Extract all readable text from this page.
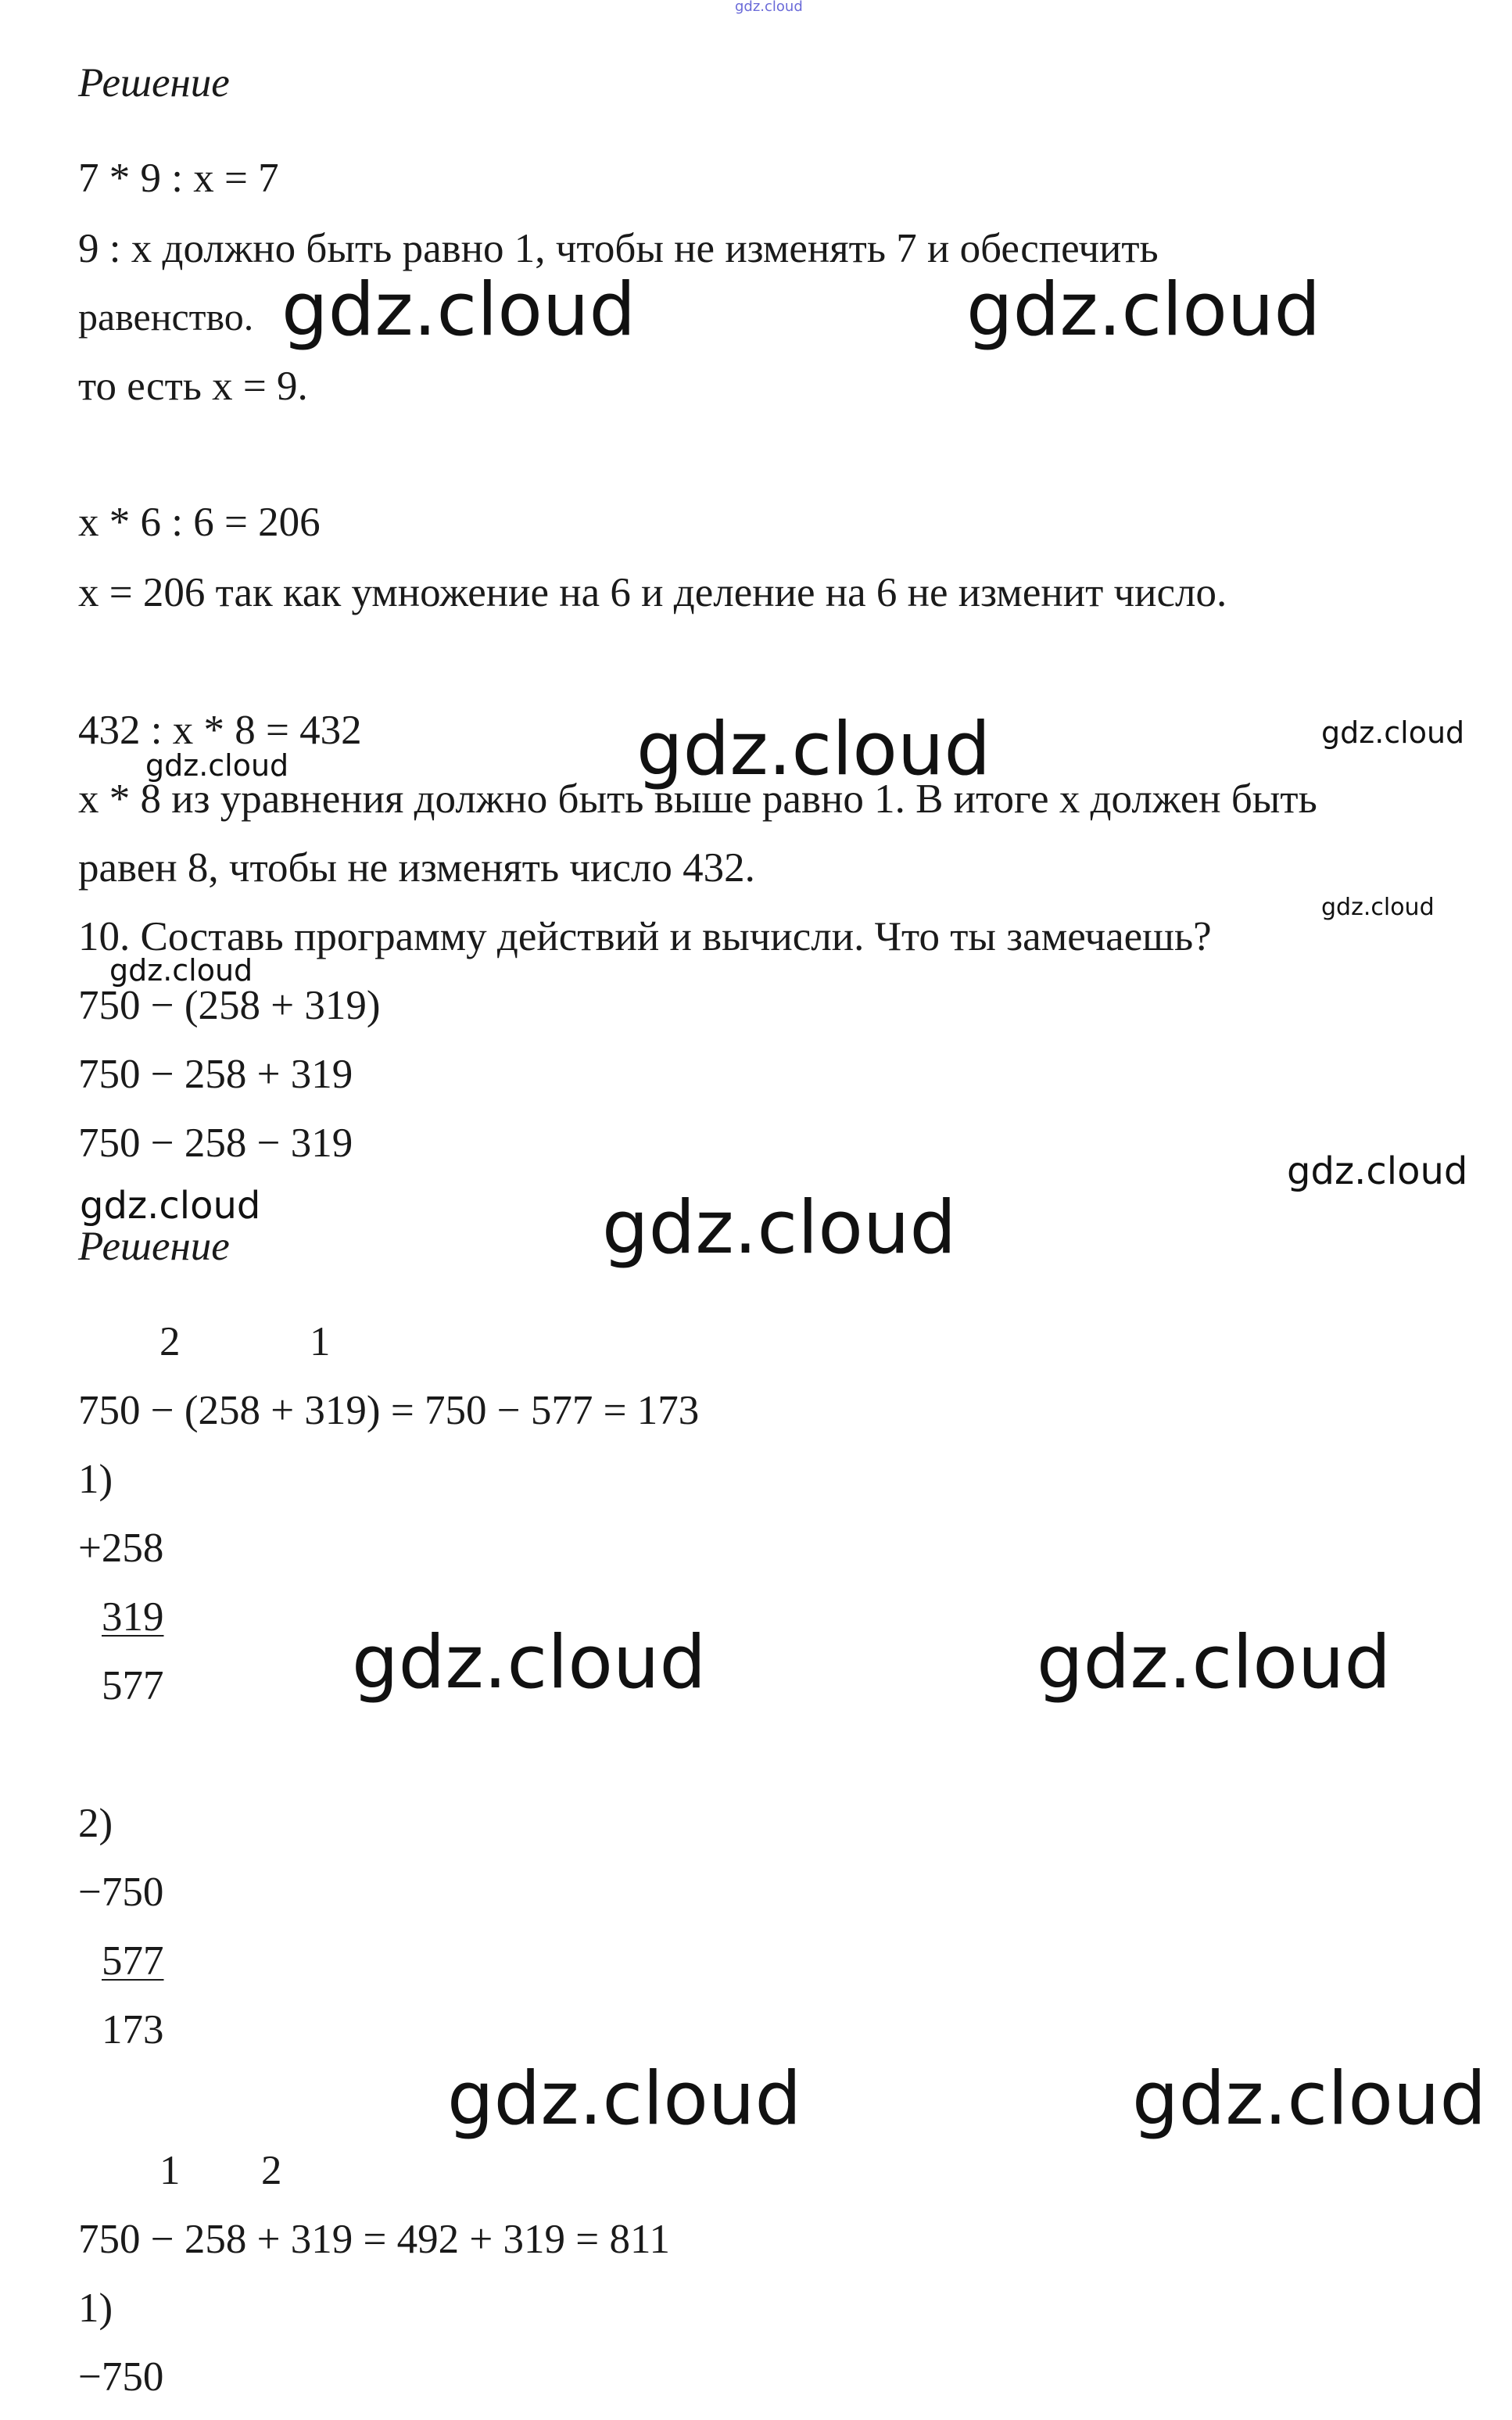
gdz.cloud
Решение
7 * 9 : x = 7
9 : x должно быть равно 1, чтобы не изменять 7 и обеспечить
равенство.
то есть x = 9.
x * 6 : 6 = 206
x = 206 так как умножение на 6 и деление на 6 не изменит число.
432 : x * 8 = 432
x * 8 из уравнения должно быть выше равно 1. В итоге x должен быть
равен 8, чтобы не изменять число 432.
10. Составь программу действий и вычисли. Что ты замечаешь?
750 − (258 + 319)
750 − 258 + 319
750 − 258 − 319
Решение
2	1
750 − (258 + 319) = 750 − 577 = 173
1)
+258
319
577
2)
−750
577
173
1 2
750 − 258 + 319 = 492 + 319 = 811
1)
−750
gdz.cloud	gdz.cloud
gdz.cloud	gdz.cloud
gdz.cloud
gdz.cloud
gdz.cloud
gdz.cloud
gdz.cloud	gdz.cloud
gdz.cloud	gdz.cloud
gdz.cloud	gdz.cloud
